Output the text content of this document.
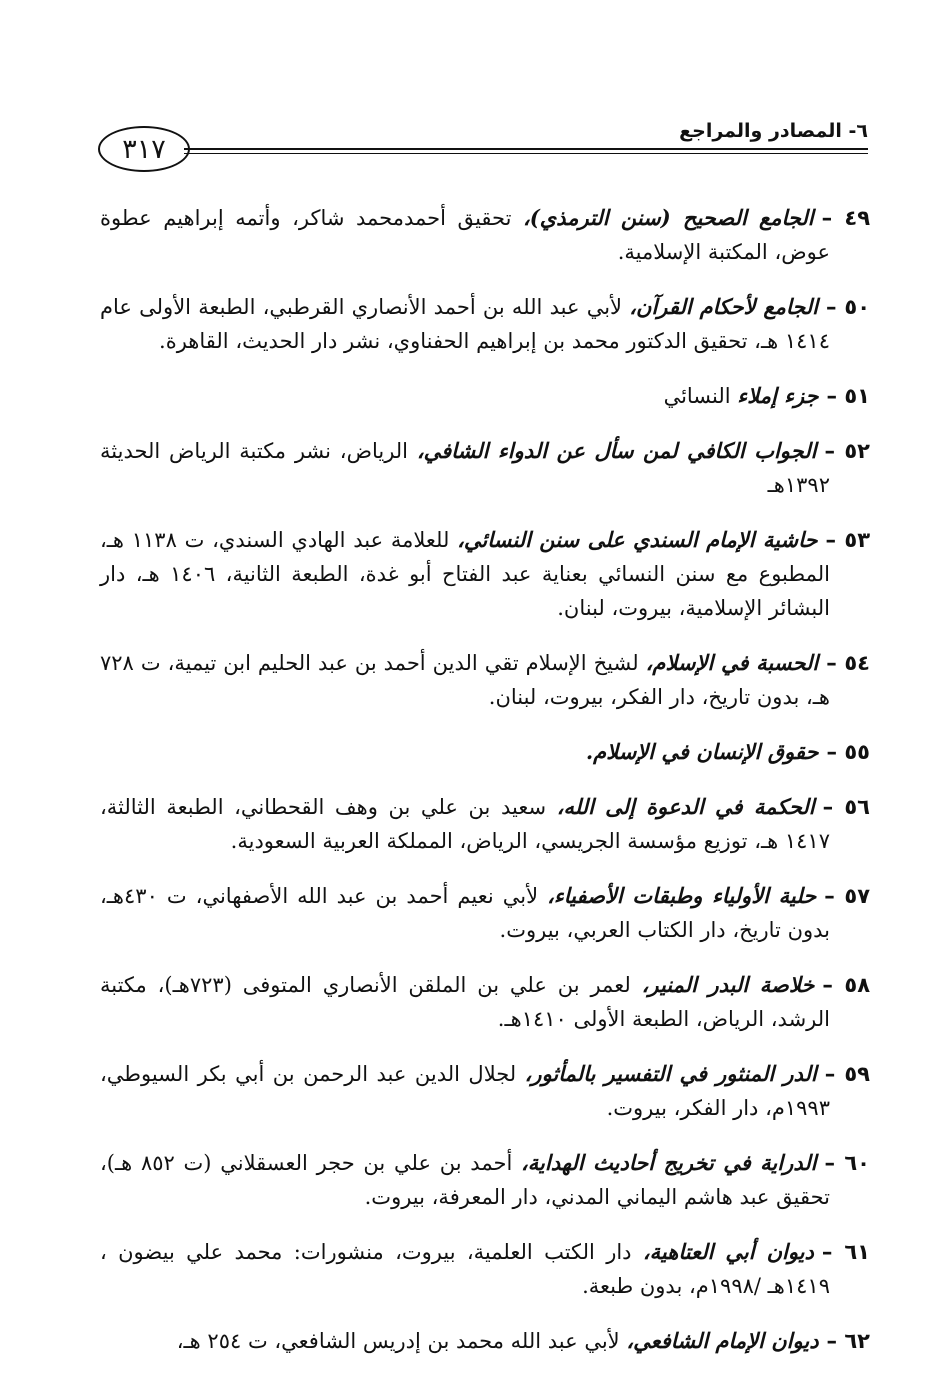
٣١٧
٦- المصادر والمراجع

٤٩ –الجامع الصحيح (سنن الترمذي)، تحقيق أحمدمحمد شاكر، وأتمه إبراهيم عطوة عوض، المكتبة الإسلامية.

٥٠ –الجامع لأحكام القرآن، لأبي عبد الله بن أحمد الأنصاري القرطبي، الطبعة الأولى عام ١٤١٤ هـ، تحقيق الدكتور محمد بن إبراهيم الحفناوي، نشر دار الحديث، القاهرة.

٥١ –جزء إملاء النسائي

٥٢ –الجواب الكافي لمن سأل عن الدواء الشافي، الرياض، نشر مكتبة الرياض الحديثة ١٣٩٢هـ

٥٣ –حاشية الإمام السندي على سنن النسائي، للعلامة عبد الهادي السندي، ت ١١٣٨ هـ، المطبوع مع سنن النسائي بعناية عبد الفتاح أبو غدة، الطبعة الثانية، ١٤٠٦ هـ، دار البشائر الإسلامية، بيروت، لبنان.

٥٤ –الحسبة في الإسلام، لشيخ الإسلام تقي الدين أحمد بن عبد الحليم ابن تيمية، ت ٧٢٨ هـ، بدون تاريخ، دار الفكر، بيروت، لبنان.

٥٥ –حقوق الإنسان في الإسلام.

٥٦ –الحكمة في الدعوة إلى الله، سعيد بن علي بن وهف القحطاني، الطبعة الثالثة، ١٤١٧ هـ، توزيع مؤسسة الجريسي، الرياض، المملكة العربية السعودية.

٥٧ –حلية الأولياء وطبقات الأصفياء، لأبي نعيم أحمد بن عبد الله الأصفهاني، ت ٤٣٠هـ، بدون تاريخ، دار الكتاب العربي، بيروت.

٥٨ –خلاصة البدر المنير، لعمر بن علي بن الملقن الأنصاري المتوفى (٧٢٣هـ)، مكتبة الرشد، الرياض، الطبعة الأولى ١٤١٠هـ.

٥٩ –الدر المنثور في التفسير بالمأثور، لجلال الدين عبد الرحمن بن أبي بكر السيوطي، ١٩٩٣م، دار الفكر، بيروت.

٦٠ –الدراية في تخريج أحاديث الهداية، أحمد بن علي بن حجر العسقلاني (ت ٨٥٢ هـ)، تحقيق عبد هاشم اليماني المدني، دار المعرفة، بيروت.

٦١ –ديوان أبي العتاهية، دار الكتب العلمية، بيروت، منشورات: محمد علي بيضون ، ١٤١٩هـ /١٩٩٨م، بدون طبعة.

٦٢ –ديوان الإمام الشافعي، لأبي عبد الله محمد بن إدريس الشافعي، ت ٢٥٤ هـ،
